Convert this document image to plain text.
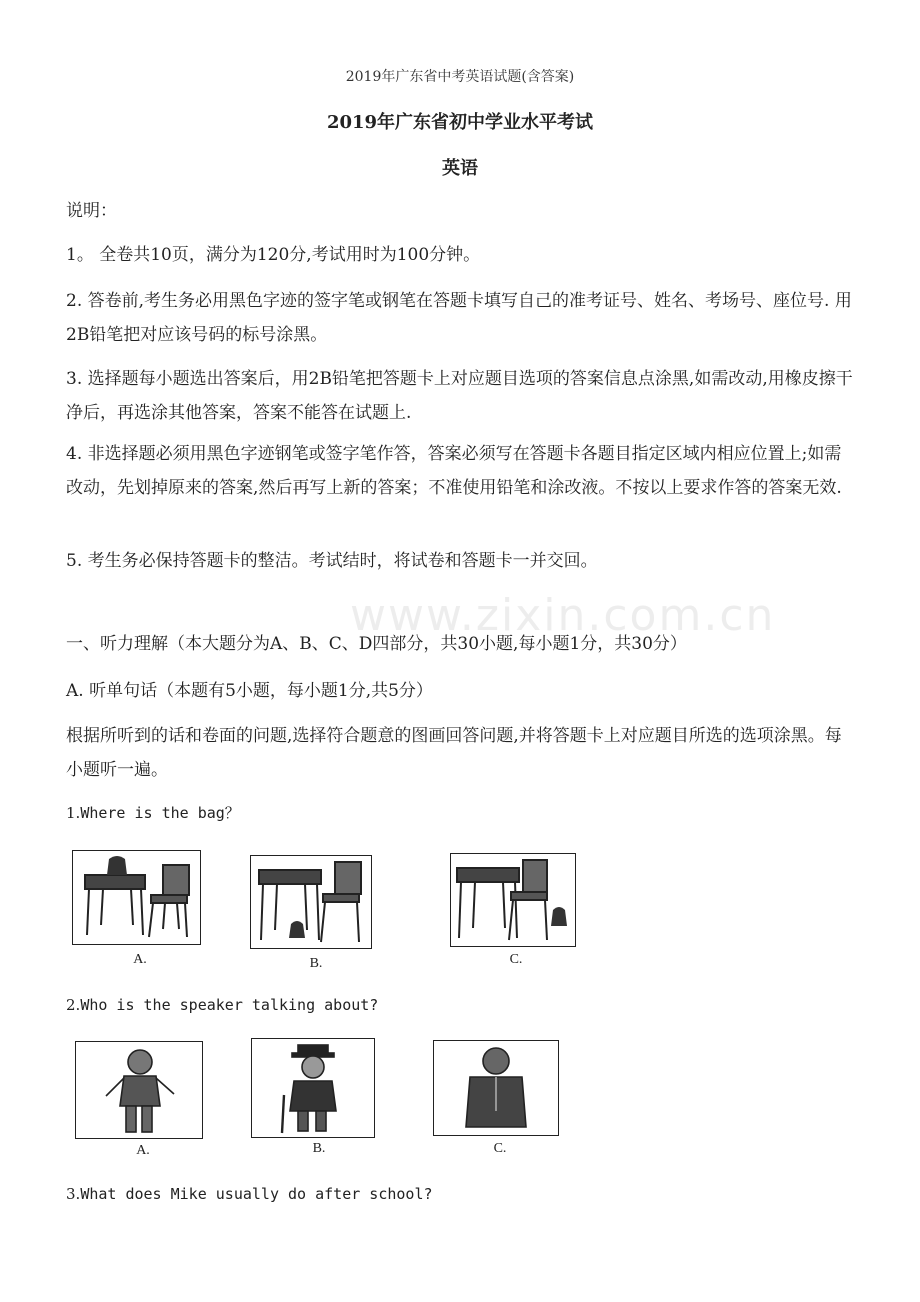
2019年广东省中考英语试题(含答案)
2019年广东省初中学业水平考试
英语
说明：
1。 全卷共10页，满分为120分,考试用时为100分钟。
2. 答卷前,考生务必用黑色字迹的签字笔或钢笔在答题卡填写自己的准考证号、姓名、考场号、座位号. 用2B铅笔把对应该号码的标号涂黑。
3. 选择题每小题选出答案后，用2B铅笔把答题卡上对应题目选项的答案信息点涂黑,如需改动,用橡皮擦干净后，再选涂其他答案，答案不能答在试题上.
4. 非选择题必须用黑色字迹钢笔或签字笔作答，答案必须写在答题卡各题目指定区域内相应位置上;如需改动，先划掉原来的答案,然后再写上新的答案；不准使用铅笔和涂改液。不按以上要求作答的答案无效.
5. 考生务必保持答题卡的整洁。考试结时，将试卷和答题卡一并交回。
www.zixin.com.cn
一、听力理解（本大题分为A、B、C、D四部分，共30小题,每小题1分，共30分）
A. 听单句话（本题有5小题，每小题1分,共5分）
根据所听到的话和卷面的问题,选择符合题意的图画回答问题,并将答题卡上对应题目所选的选项涂黑。每小题听一遍。
1.Where is the bag？
A.	B.	C.
2.Who is the speaker talking about?
A.	B.	C.
3.What does Mike usually do after school?
